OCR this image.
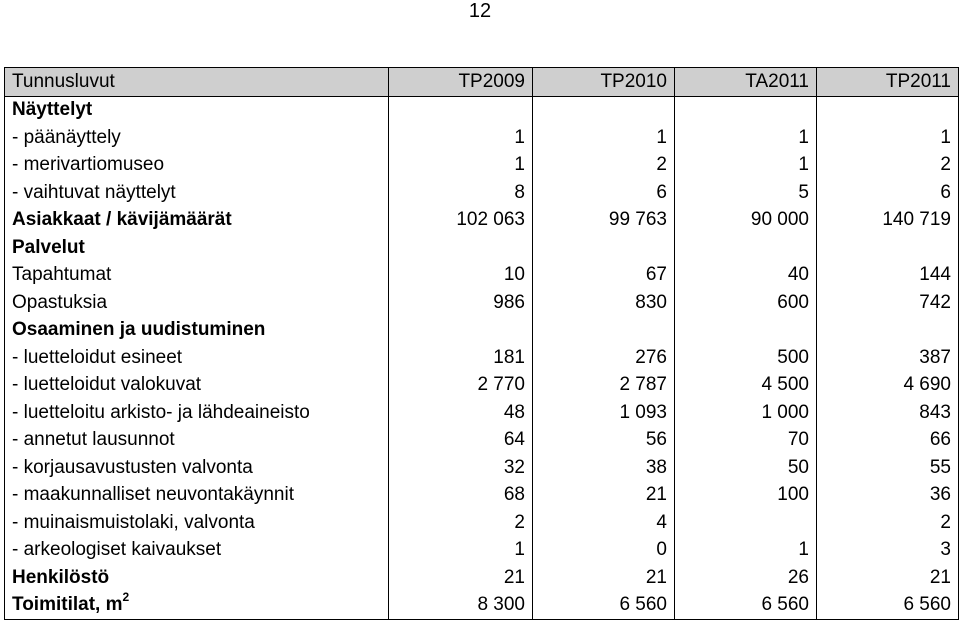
12
Tunnusluvut	TP2009	TP2010	TA2011	TP2011
Näyttelyt				
- päänäyttely	1	1	1	1
- merivartiomuseo	1	2	1	2
- vaihtuvat näyttelyt	8	6	5	6
Asiakkaat / kävijämäärät	102 063	99 763	90 000	140 719
Palvelut				
Tapahtumat	10	67	40	144
Opastuksia	986	830	600	742
Osaaminen ja uudistuminen				
- luetteloidut esineet	181	276	500	387
- luetteloidut valokuvat	2 770	2 787	4 500	4 690
- luetteloitu arkisto- ja lähdeaineisto	48	1 093	1 000	843
- annetut lausunnot	64	56	70	66
- korjausavustusten valvonta	32	38	50	55
- maakunnalliset neuvontakäynnit	68	21	100	36
- muinaismuistolaki, valvonta	2	4		2
- arkeologiset kaivaukset	1	0	1	3
Henkilöstö	21	21	26	21
Toimitilat, $m^2$	8 300	6 560	6 560	6 560
